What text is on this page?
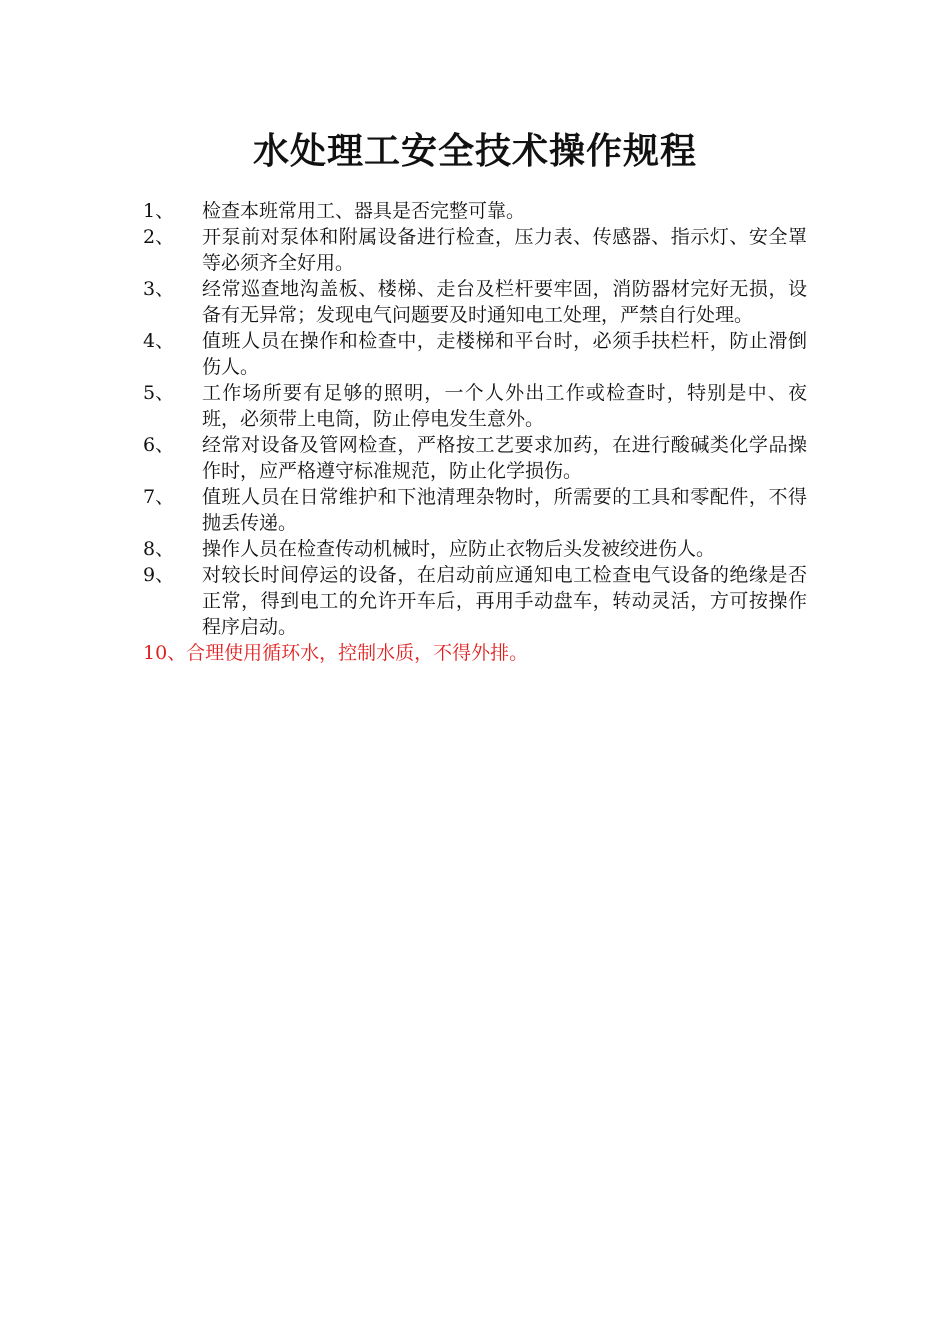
水处理工安全技术操作规程
1、	检查本班常用工、器具是否完整可靠。
2、	开泵前对泵体和附属设备进行检查，压力表、传感器、指示灯、安全罩等必须齐全好用。
3、	经常巡查地沟盖板、楼梯、走台及栏杆要牢固，消防器材完好无损，设备有无异常；发现电气问题要及时通知电工处理，严禁自行处理。
4、	值班人员在操作和检查中，走楼梯和平台时，必须手扶栏杆，防止滑倒伤人。
5、	工作场所要有足够的照明，一个人外出工作或检查时，特别是中、夜班，必须带上电筒，防止停电发生意外。
6、	经常对设备及管网检查，严格按工艺要求加药，在进行酸碱类化学品操作时，应严格遵守标准规范，防止化学损伤。
7、	值班人员在日常维护和下池清理杂物时，所需要的工具和零配件，不得抛丢传递。
8、	操作人员在检查传动机械时，应防止衣物后头发被绞进伤人。
9、	对较长时间停运的设备，在启动前应通知电工检查电气设备的绝缘是否正常，得到电工的允许开车后，再用手动盘车，转动灵活，方可按操作程序启动。
10、合理使用循环水，控制水质，不得外排。
